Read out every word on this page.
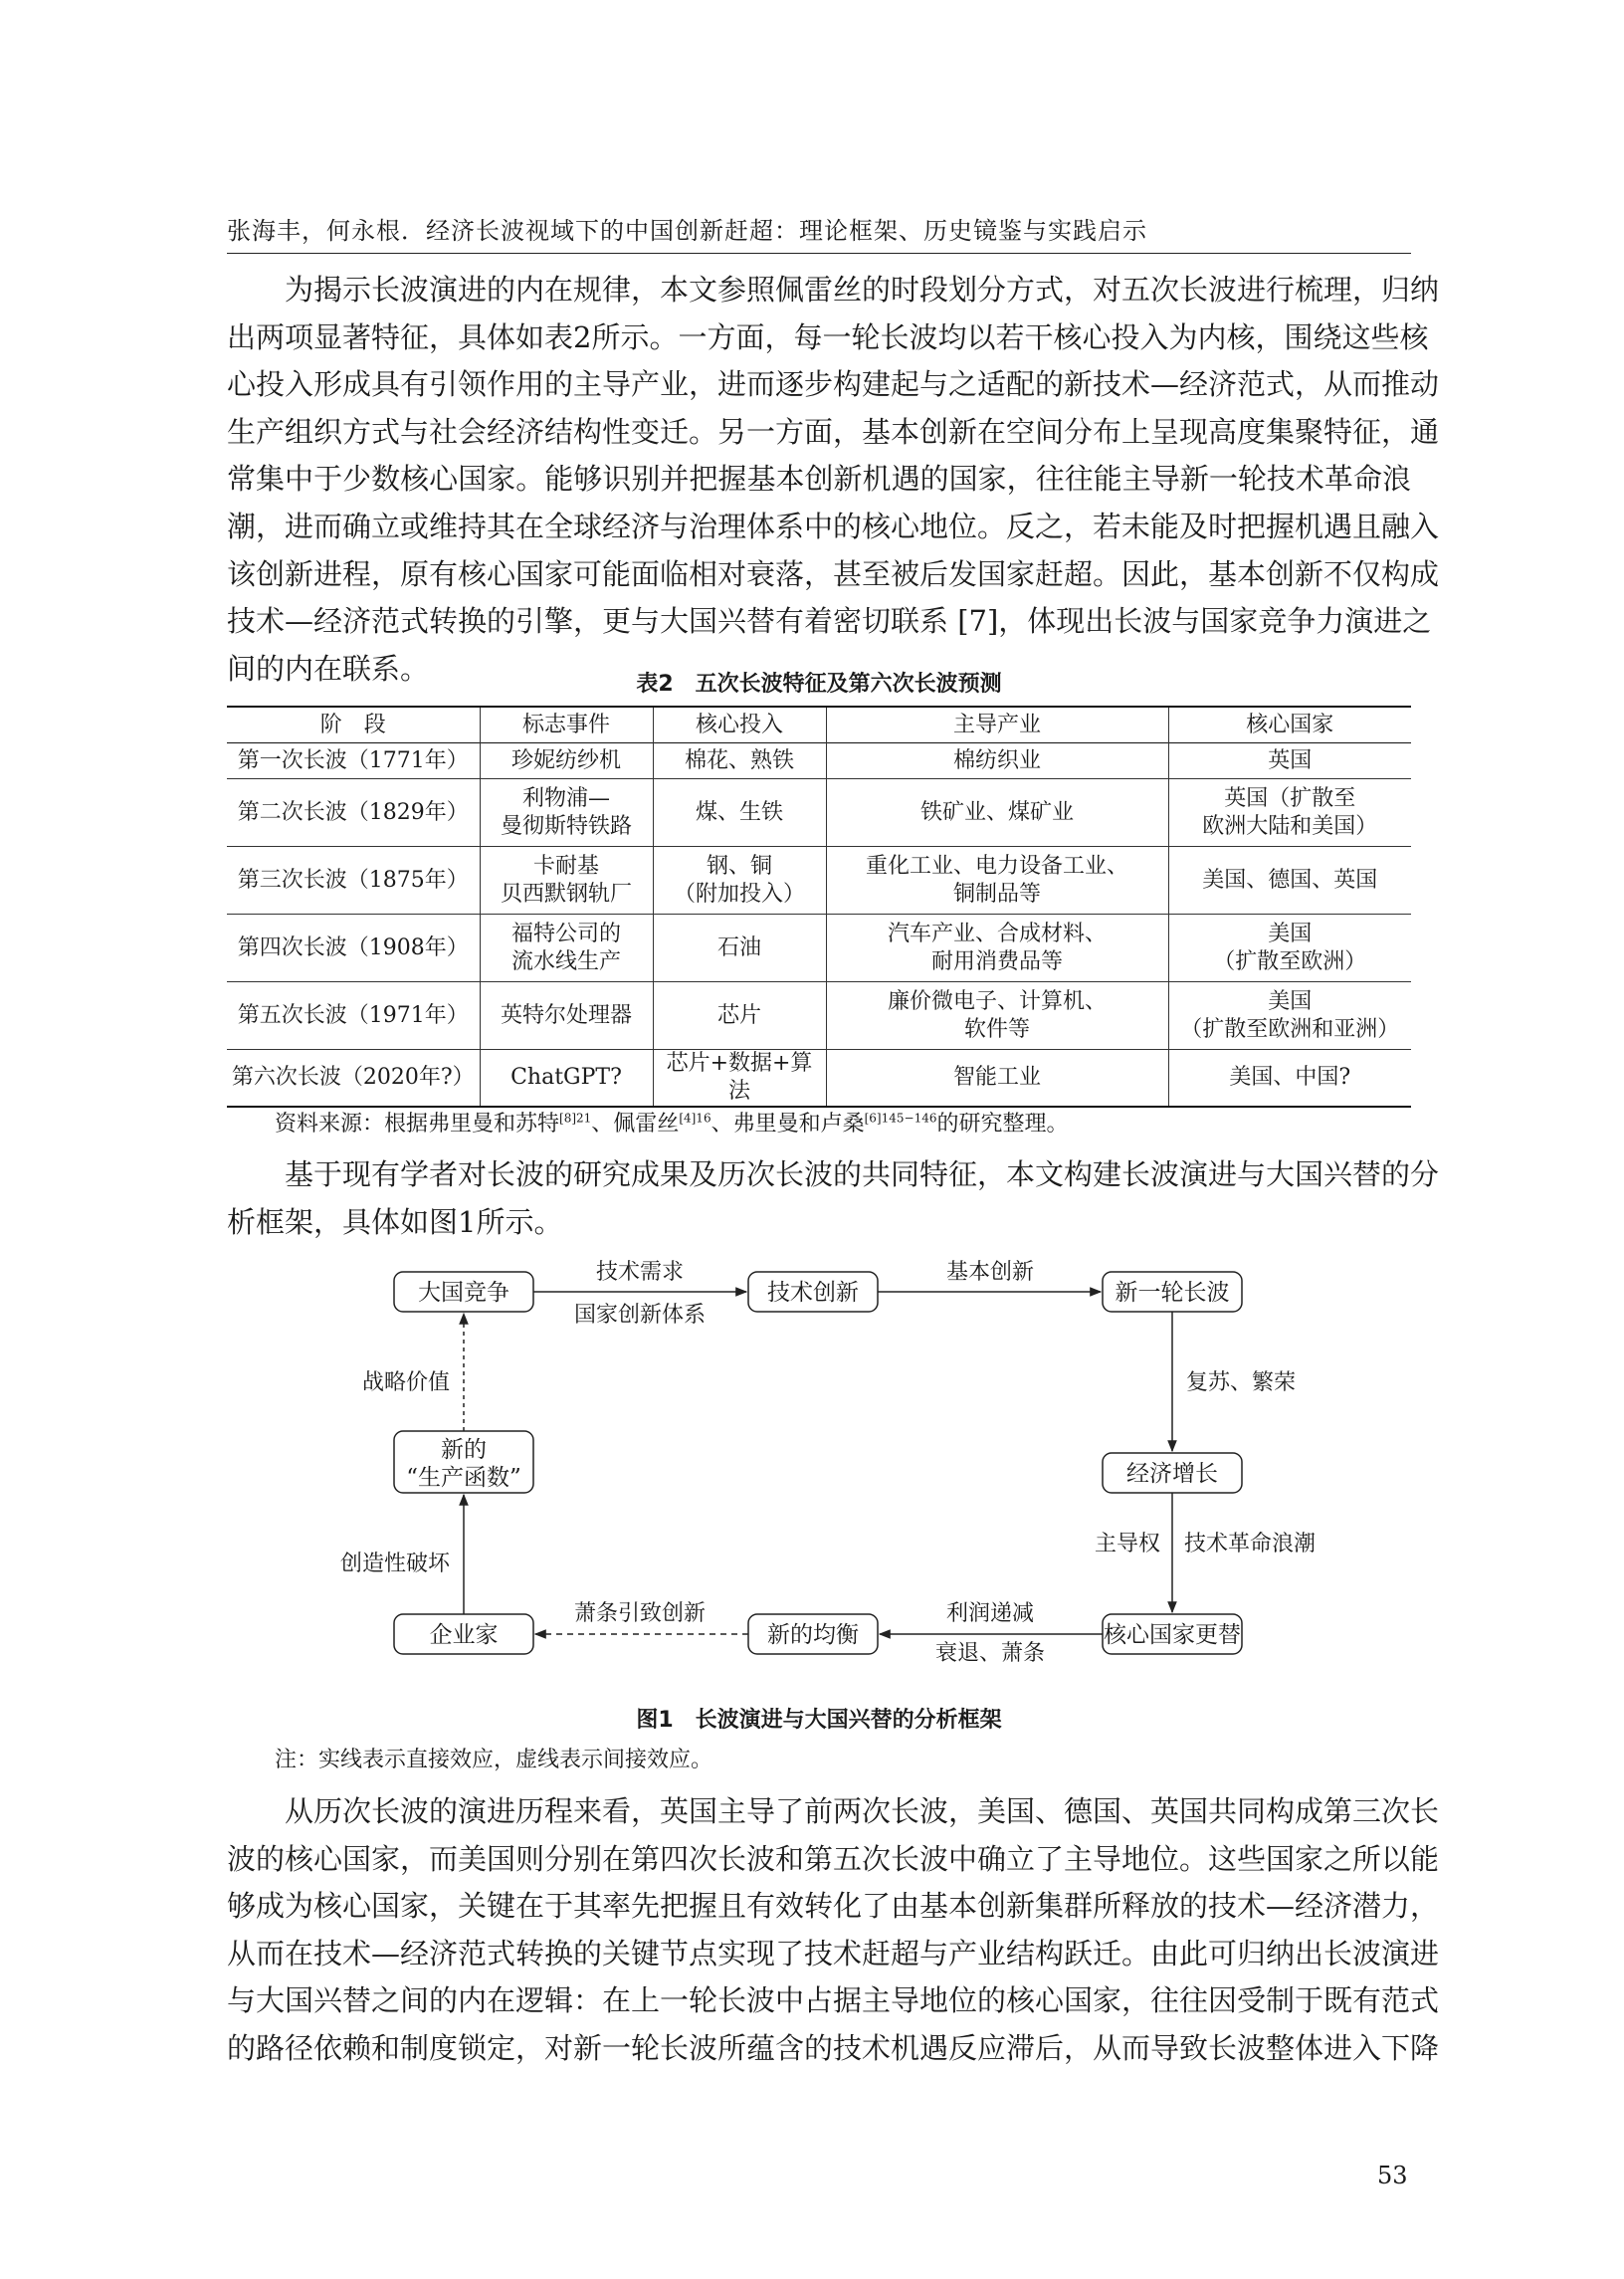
张海丰，何永根．经济长波视域下的中国创新赶超：理论框架、历史镜鉴与实践启示
为揭示长波演进的内在规律，本文参照佩雷丝的时段划分方式，对五次长波进行梳理，归纳
出两项显著特征，具体如表2所示。一方面，每一轮长波均以若干核心投入为内核，围绕这些核
心投入形成具有引领作用的主导产业，进而逐步构建起与之适配的新技术—经济范式，从而推动
生产组织方式与社会经济结构性变迁。另一方面，基本创新在空间分布上呈现高度集聚特征，通
常集中于少数核心国家。能够识别并把握基本创新机遇的国家，往往能主导新一轮技术革命浪
潮，进而确立或维持其在全球经济与治理体系中的核心地位。反之，若未能及时把握机遇且融入
该创新进程，原有核心国家可能面临相对衰落，甚至被后发国家赶超。因此，基本创新不仅构成
技术—经济范式转换的引擎，更与大国兴替有着密切联系 [7]，体现出长波与国家竞争力演进之
间的内在联系。	表2　五次长波特征及第六次长波预测
阶　段	标志事件	核心投入	主导产业	核心国家
第一次长波（1771年）	珍妮纺纱机	棉花、熟铁	棉纺织业	英国
第二次长波（1829年）	利物浦—
曼彻斯特铁路	煤、生铁	铁矿业、煤矿业	英国（扩散至
欧洲大陆和美国）
第三次长波（1875年）	卡耐基
贝西默钢轨厂	钢、铜
（附加投入）	重化工业、电力设备工业、
铜制品等	美国、德国、英国
第四次长波（1908年）	福特公司的
流水线生产	石油	汽车产业、合成材料、
耐用消费品等	美国
（扩散至欧洲）
第五次长波（1971年）	英特尔处理器	芯片	廉价微电子、计算机、
软件等	美国
（扩散至欧洲和亚洲）
第六次长波（2020年?）	ChatGPT?	芯片+数据+算法	智能工业	美国、中国?
资料来源：根据弗里曼和苏特$^{[8]21}$、佩雷丝$^{[4]16}$、弗里曼和卢桑$^{[6]145-146}$的研究整理。
基于现有学者对长波的研究成果及历次长波的共同特征，本文构建长波演进与大国兴替的分
析框架，具体如图1所示。
大国竞争	技术创新	新一轮长波
经济增长
核心国家更替
新的均衡
企业家
新的
“生产函数”
技术需求
国家创新体系
基本创新
复苏、繁荣
主导权 技术革命浪潮
利润递减
衰退、萧条
萧条引致创新
创造性破坏
战略价值
图1　长波演进与大国兴替的分析框架
注：实线表示直接效应，虚线表示间接效应。
从历次长波的演进历程来看，英国主导了前两次长波，美国、德国、英国共同构成第三次长
波的核心国家，而美国则分别在第四次长波和第五次长波中确立了主导地位。这些国家之所以能
够成为核心国家，关键在于其率先把握且有效转化了由基本创新集群所释放的技术—经济潜力，
从而在技术—经济范式转换的关键节点实现了技术赶超与产业结构跃迁。由此可归纳出长波演进
与大国兴替之间的内在逻辑：在上一轮长波中占据主导地位的核心国家，往往因受制于既有范式
的路径依赖和制度锁定，对新一轮长波所蕴含的技术机遇反应滞后，从而导致长波整体进入下降
53
